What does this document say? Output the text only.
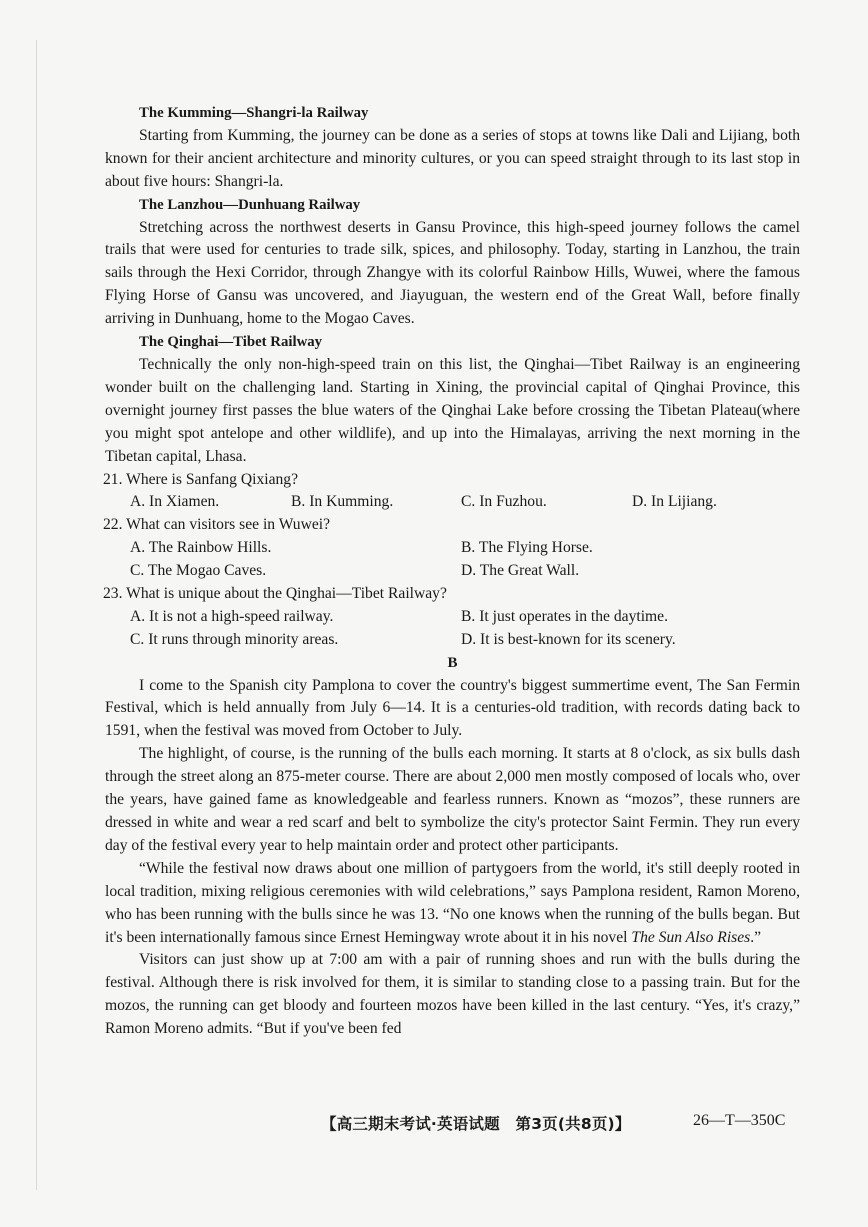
The Kumming—Shangri-la Railway

Starting from Kumming, the journey can be done as a series of stops at towns like Dali and Lijiang, both known for their ancient architecture and minority cultures, or you can speed straight through to its last stop in about five hours: Shangri-la.

The Lanzhou—Dunhuang Railway

Stretching across the northwest deserts in Gansu Province, this high-speed journey follows the camel trails that were used for centuries to trade silk, spices, and philosophy. Today, starting in Lanzhou, the train sails through the Hexi Corridor, through Zhangye with its colorful Rainbow Hills, Wuwei, where the famous Flying Horse of Gansu was uncovered, and Jiayuguan, the western end of the Great Wall, before finally arriving in Dunhuang, home to the Mogao Caves.

The Qinghai—Tibet Railway

Technically the only non-high-speed train on this list, the Qinghai—Tibet Railway is an engineering wonder built on the challenging land. Starting in Xining, the provincial capital of Qinghai Province, this overnight journey first passes the blue waters of the Qinghai Lake before crossing the Tibetan Plateau(where you might spot antelope and other wildlife), and up into the Himalayas, arriving the next morning in the Tibetan capital, Lhasa.

21. Where is Sanfang Qixiang?

A. In Xiamen.	B. In Kumming.	C. In Fuzhou.	D. In Lijiang.

22. What can visitors see in Wuwei?

A. The Rainbow Hills.	B. The Flying Horse.
C. The Mogao Caves.	D. The Great Wall.

23. What is unique about the Qinghai—Tibet Railway?

A. It is not a high-speed railway.	B. It just operates in the daytime.
C. It runs through minority areas.	D. It is best-known for its scenery.
B

I come to the Spanish city Pamplona to cover the country's biggest summertime event, The San Fermin Festival, which is held annually from July 6—14. It is a centuries-old tradition, with records dating back to 1591, when the festival was moved from October to July.

The highlight, of course, is the running of the bulls each morning. It starts at 8 o'clock, as six bulls dash through the street along an 875-meter course. There are about 2,000 men mostly composed of locals who, over the years, have gained fame as knowledgeable and fearless runners. Known as “mozos”, these runners are dressed in white and wear a red scarf and belt to symbolize the city's protector Saint Fermin. They run every day of the festival every year to help maintain order and protect other participants.

“While the festival now draws about one million of partygoers from the world, it's still deeply rooted in local tradition, mixing religious ceremonies with wild celebrations,” says Pamplona resident, Ramon Moreno, who has been running with the bulls since he was 13. “No one knows when the running of the bulls began. But it's been internationally famous since Ernest Hemingway wrote about it in his novel The Sun Also Rises.”

Visitors can just show up at 7:00 am with a pair of running shoes and run with the bulls during the festival. Although there is risk involved for them, it is similar to standing close to a passing train. But for the mozos, the running can get bloody and fourteen mozos have been killed in the last century. “Yes, it's crazy,” Ramon Moreno admits. “But if you've been fed

【高三期末考试·英语试题　第3页(共8页)】	26—T—350C
